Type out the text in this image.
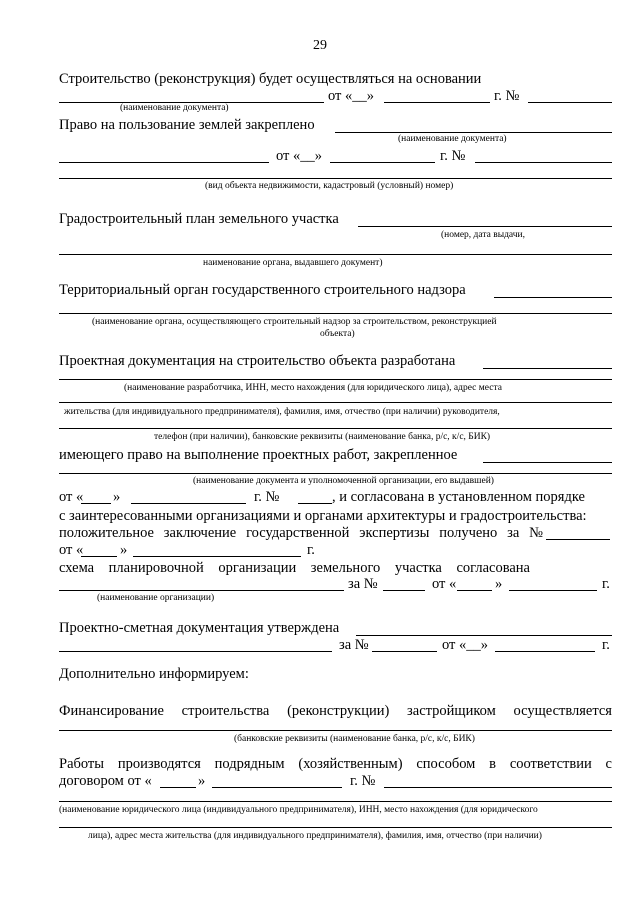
29
Строительство (реконструкция) будет осуществляться на основании
от «__»	г. №
(наименование документа)
Право на пользование землей закреплено
(наименование документа)
от «__»	г. №
(вид объекта недвижимости, кадастровый (условный) номер)
Градостроительный план земельного участка
(номер, дата выдачи,
наименование органа, выдавшего документ)
Территориальный орган государственного строительного надзора
(наименование органа, осуществляющего строительный надзор за строительством, реконструкцией
объекта)
Проектная документация на строительство объекта разработана
(наименование разработчика, ИНН, место нахождения (для юридического лица), адрес места
жительства (для индивидуального предпринимателя), фамилия, имя, отчество (при наличии) руководителя,
телефон (при наличии), банковские реквизиты (наименование банка, р/с, к/с, БИК)
имеющего право на выполнение проектных работ, закрепленное
(наименование документа и уполномоченной организации, его выдавшей)
от « »	г. №	, и согласована в установленном порядке
с заинтересованными организациями и органами архитектуры и градостроительства:
положительное заключение государственной экспертизы получено за №
от «	»	г.
схема планировочной организации земельного участка согласована
за №	от «	»	г.
(наименование организации)
Проектно-сметная документация утверждена
за №	от «__»	г.
Дополнительно информируем:
Финансирование строительства (реконструкции) застройщиком осуществляется
(банковские реквизиты (наименование банка, р/с, к/с, БИК)
Работы производятся подрядным (хозяйственным) способом в соответствии с
договором от «	»	г. №
(наименование юридического лица (индивидуального предпринимателя), ИНН, место нахождения (для юридического
лица), адрес места жительства (для индивидуального предпринимателя), фамилия, имя, отчество (при наличии)
